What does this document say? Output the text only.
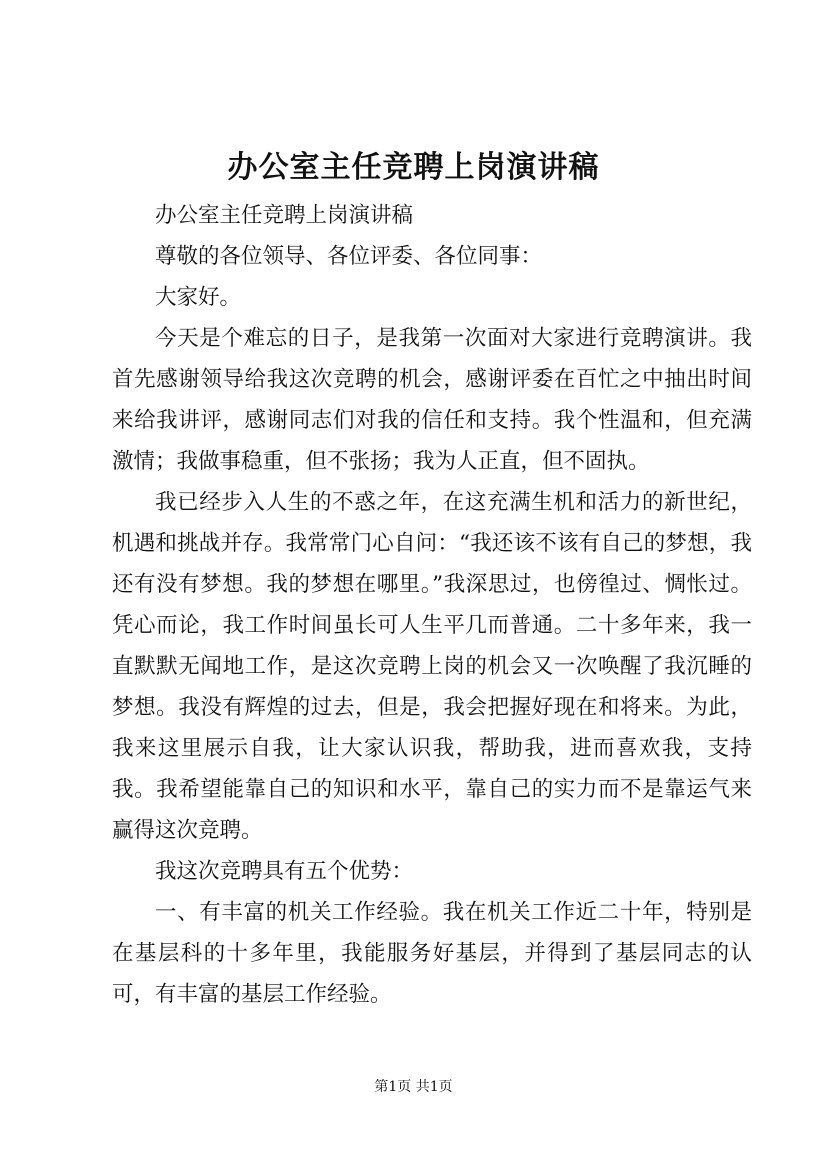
办公室主任竞聘上岗演讲稿

办公室主任竞聘上岗演讲稿

尊敬的各位领导、各位评委、各位同事：

大家好。

今天是个难忘的日子，是我第一次面对大家进行竞聘演讲。我首先感谢领导给我这次竞聘的机会，感谢评委在百忙之中抽出时间来给我讲评，感谢同志们对我的信任和支持。我个性温和，但充满激情；我做事稳重，但不张扬；我为人正直，但不固执。

我已经步入人生的不惑之年，在这充满生机和活力的新世纪，机遇和挑战并存。我常常门心自问：“我还该不该有自己的梦想，我还有没有梦想。我的梦想在哪里。”我深思过，也傍徨过、惆怅过。凭心而论，我工作时间虽长可人生平几而普通。二十多年来，我一直默默无闻地工作，是这次竞聘上岗的机会又一次唤醒了我沉睡的梦想。我没有辉煌的过去，但是，我会把握好现在和将来。为此，我来这里展示自我，让大家认识我，帮助我，进而喜欢我，支持我。我希望能靠自己的知识和水平，靠自己的实力而不是靠运气来赢得这次竞聘。

我这次竞聘具有五个优势：

一、有丰富的机关工作经验。我在机关工作近二十年，特别是在基层科的十多年里，我能服务好基层，并得到了基层同志的认可，有丰富的基层工作经验。

第1页 共1页
